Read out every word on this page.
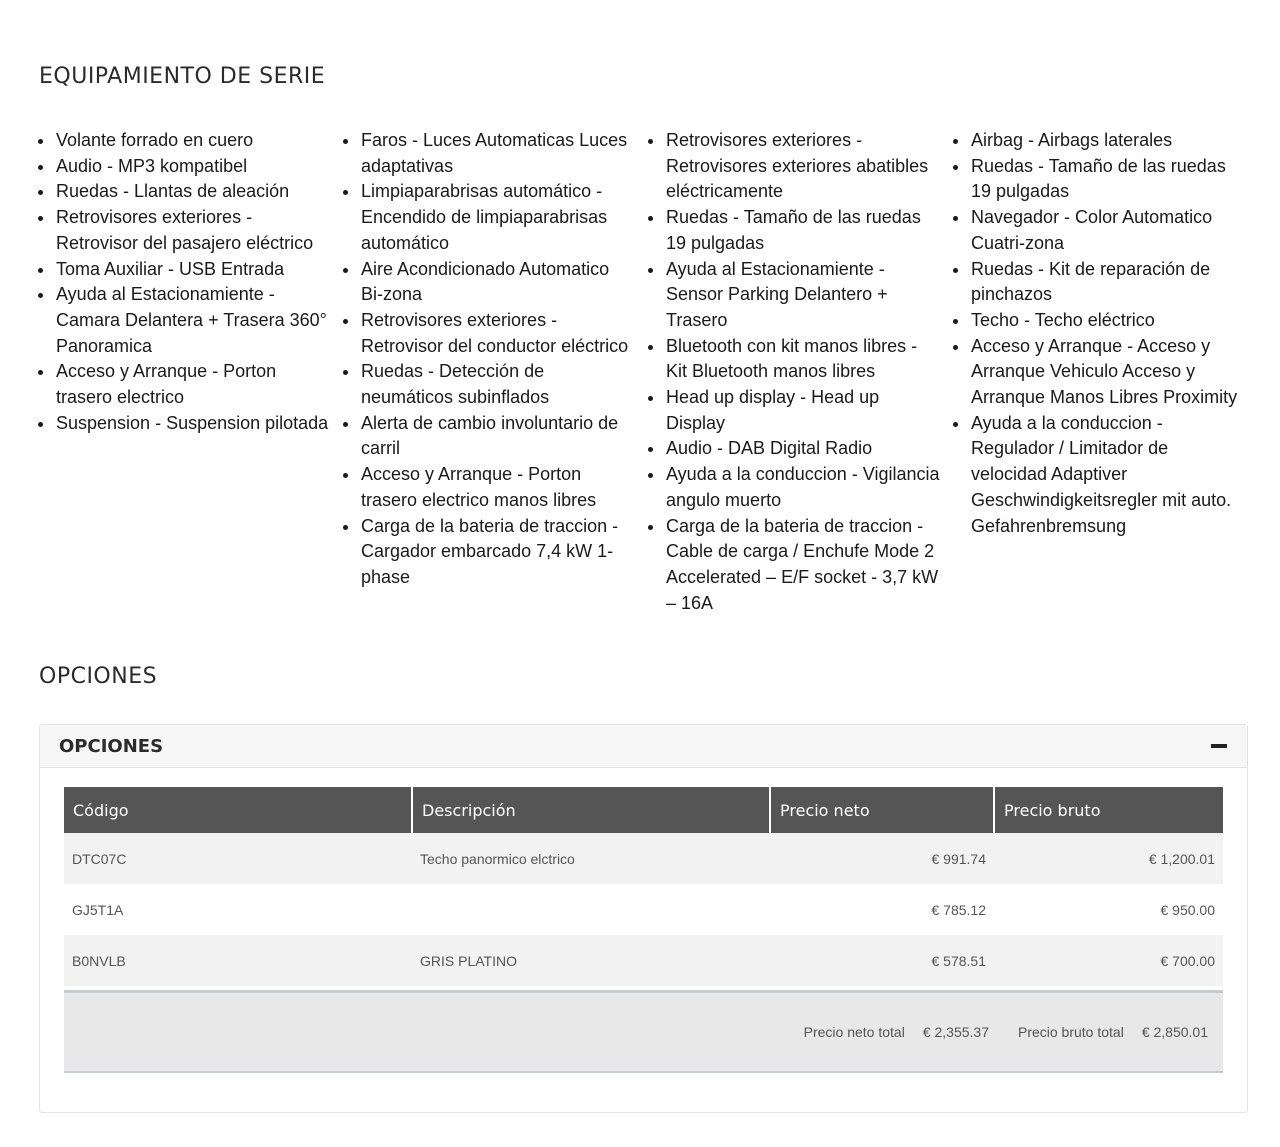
EQUIPAMIENTO DE SERIE
Volante forrado en cuero
Audio - MP3 kompatibel
Ruedas - Llantas de aleación
Retrovisores exteriores - Retrovisor del pasajero eléctrico
Toma Auxiliar - USB Entrada
Ayuda al Estacionamiente - Camara Delantera + Trasera 360° Panoramica
Acceso y Arranque - Porton trasero electrico
Suspension - Suspension pilotada
Faros - Luces Automaticas Luces adaptativas
Limpiaparabrisas automático - Encendido de limpiaparabrisas automático
Aire Acondicionado Automatico Bi-zona
Retrovisores exteriores - Retrovisor del conductor eléctrico
Ruedas - Detección de neumáticos subinflados
Alerta de cambio involuntario de carril
Acceso y Arranque - Porton trasero electrico manos libres
Carga de la bateria de traccion - Cargador embarcado 7,4 kW 1-phase
Retrovisores exteriores - Retrovisores exteriores abatibles eléctricamente
Ruedas - Tamaño de las ruedas 19 pulgadas
Ayuda al Estacionamiente - Sensor Parking Delantero + Trasero
Bluetooth con kit manos libres - Kit Bluetooth manos libres
Head up display - Head up Display
Audio - DAB Digital Radio
Ayuda a la conduccion - Vigilancia angulo muerto
Carga de la bateria de traccion - Cable de carga / Enchufe Mode 2 Accelerated – E/F socket - 3,7 kW – 16A
Airbag - Airbags laterales
Ruedas - Tamaño de las ruedas 19 pulgadas
Navegador - Color Automatico Cuatri-zona
Ruedas - Kit de reparación de pinchazos
Techo - Techo eléctrico
Acceso y Arranque - Acceso y Arranque Vehiculo Acceso y Arranque Manos Libres Proximity
Ayuda a la conduccion - Regulador / Limitador de velocidad Adaptiver Geschwindigkeitsregler mit auto. Gefahrenbremsung
OPCIONES
OPCIONES
Código	Descripción	Precio neto	Precio bruto
DTC07C	Techo panormico elctrico	€ 991.74	€ 1,200.01
GJ5T1A		€ 785.12	€ 950.00
B0NVLB	GRIS PLATINO	€ 578.51	€ 700.00
Precio neto total € 2,355.37 Precio bruto total € 2,850.01
